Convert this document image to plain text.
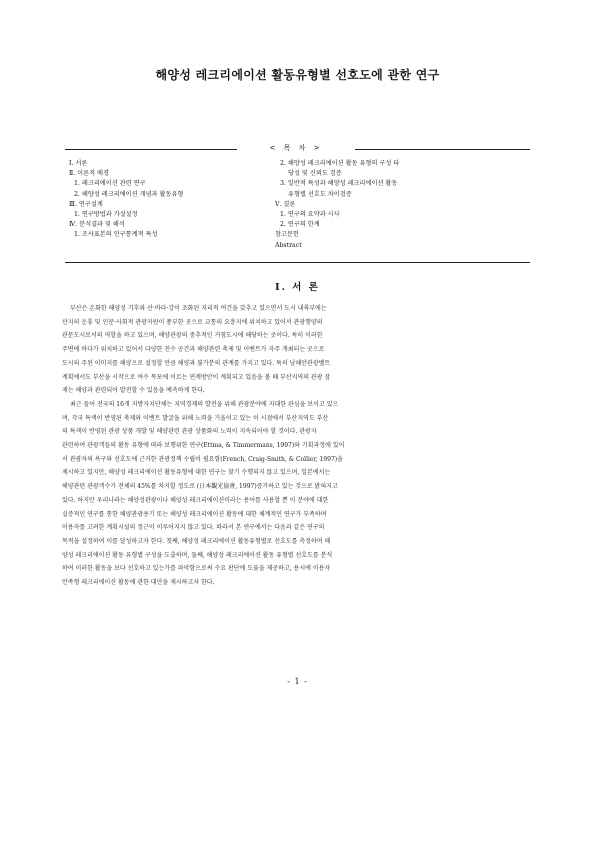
해양성 레크리에이션 활동유형별 선호도에 관한 연구
< 목 차 >
Ⅰ. 서론
Ⅱ. 이론적 배경
1. 레크리에이션 관련 연구
2. 해양성 레크리에이션 개념과 활동유형
Ⅲ. 연구설계
1. 연구방법과 가설설정
Ⅳ. 분석결과 및 해석
1. 조사표본의 인구통계적 특성
2. 해양성 레크리에이션 활동 유형의 구성 타
당성 및 신뢰도 검증
3. 일반적 특성과 해양성 레크리에이션 활동
유형별 선호도 차이검증
Ⅴ. 결론
1. 연구의 요약과 시사
2. 연구의 한계
참고문헌
Abstract
Ⅰ. 서 론
부산은 온화한 해양성 기후와 산·바다·강이 조화된 지리적 여건을 갖추고 있으면서 도시 내륙부에는
산지의 운휴 및 인문·사회적 관광자원이 풍부한 곳으로 교통의 요충지에 위치하고 있어서 관광행양의
관문도시로서의 역할을 하고 있으며, 해양관광의 중추적인 거점도시에 해당하는 곳이다. 특히 이러한
주변에 바다가 위치하고 있어서 다양한 친수 공간과 해양관련 축제 및 이벤트가 자주 개최되는 곳으로
도시의 주된 이미지를 해양으로 설정할 만큼 해양과 불가분의 관계를 가지고 있다. 특히 남해안관광벨트
계획에서도 부산을 시작으로 여수 목포에 이르는 연계방안이 계획되고 있음을 볼 때 부산지역의 관광 잠
재는 해양과 관련되어 발전할 수 있음을 예측하게 한다.
최근 들어 전국의 16개 지방자치단체는 지역경제의 발전을 위해 관광분야에 지대한 관심을 보이고 있으
며, 각국 특색이 반영된 축제와 이벤트 발굴을 위해 노력을 기울이고 있는 이 시점에서 부산지역도 부산
의 특색이 반영된 관광 상품 개발 및 해양관련 관광 상품화의 노력이 지속되어야 할 것이다. 관광자
관련하여 관광객들의 활동 유형에 따라 보행위한 연구(Ettma, & Timmermans, 1997)와 기획과정에 있어
서 관광자의 욕구와 선호도에 근거한 관광정책 수립이 필요함(French, Craig-Smith, & Collier, 1997)을
제시하고 있지만, 해양성 레크리에이션 활동유형에 대한 연구는 찾기 수행되지 않고 있으며, 일본에서는
해양관련 관광객수가 전체의 45%를 차지할 정도로 (日本觀光協會, 1997)증가하고 있는 것으로 밝혀지고
있다. 하지만 우리나라는 해양성관광이나 해양성 레크리에이션이라는 용어를 사용할 뿐 이 분야에 대한
실증적인 연구를 통한 해양관광용기 또는 해양성 레크리에이션 활동에 대한 체계적인 연구가 부족하며
이용자를 고려한 계획시설의 정근이 이루어지지 않고 있다. 따라서 본 연구에서는 다음과 같은 연구의
목적을 설정하여 이를 달성하고자 한다. 첫째, 해양성 레크리에이션 활동유형별로 선호도를 측정하여 해
양성 레크리에이션 활동 유형별 구성을 도출하며, 둘째, 해양성 레크리에이션 활동 유형별 선호도를 분석
하여 이러한 활동을 보다 선호하고 있는가를 파악함으로써 수요 판단에 도움을 제공하고, 용시에 이용자
만족형 레크리에이션 활동에 관한 대안을 제시하고자 한다.
- 1 -
